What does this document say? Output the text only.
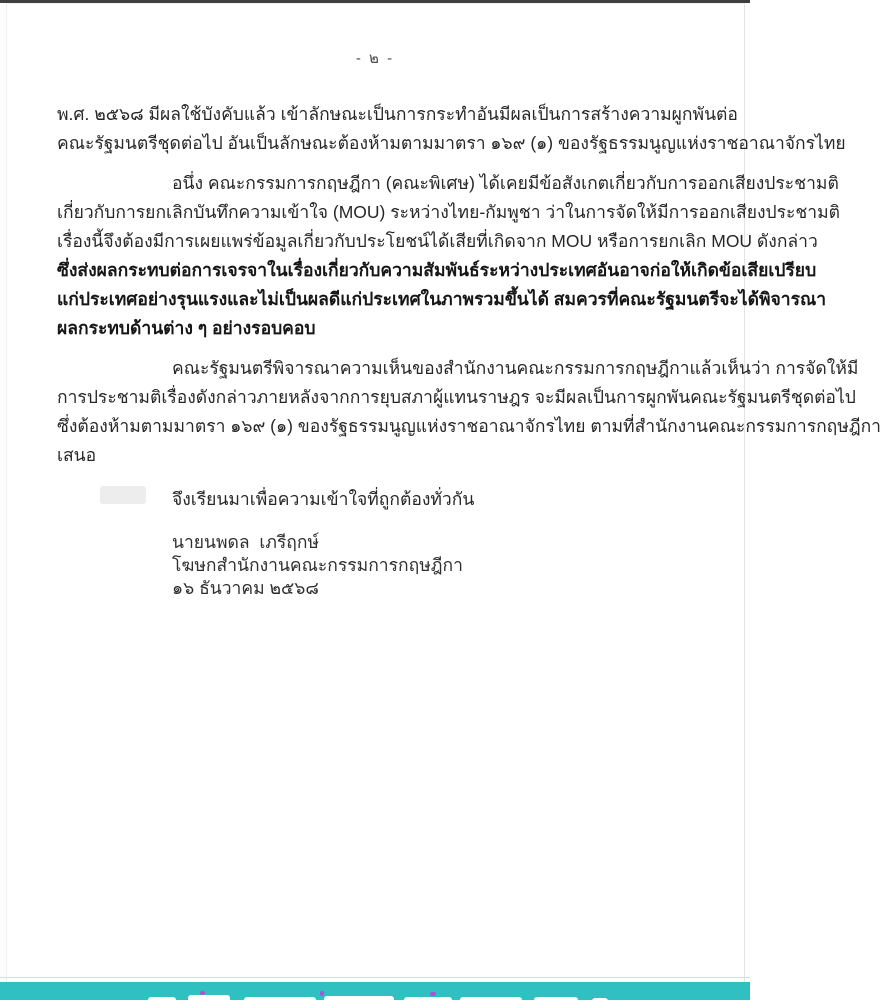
- ๒ -
พ.ศ. ๒๕๖๘ มีผลใช้บังคับแล้ว เข้าลักษณะเป็นการกระทำอันมีผลเป็นการสร้างความผูกพันต่อ
คณะรัฐมนตรีชุดต่อไป อันเป็นลักษณะต้องห้ามตามมาตรา ๑๖๙ (๑) ของรัฐธรรมนูญแห่งราชอาณาจักรไทย
อนึ่ง คณะกรรมการกฤษฎีกา (คณะพิเศษ) ได้เคยมีข้อสังเกตเกี่ยวกับการออกเสียงประชามติ
เกี่ยวกับการยกเลิกบันทึกความเข้าใจ (MOU) ระหว่างไทย-กัมพูชา ว่าในการจัดให้มีการออกเสียงประชามติ
เรื่องนี้จึงต้องมีการเผยแพร่ข้อมูลเกี่ยวกับประโยชน์ได้เสียที่เกิดจาก MOU หรือการยกเลิก MOU ดังกล่าว
ซึ่งส่งผลกระทบต่อการเจรจาในเรื่องเกี่ยวกับความสัมพันธ์ระหว่างประเทศอันอาจก่อให้เกิดข้อเสียเปรียบ
แก่ประเทศอย่างรุนแรงและไม่เป็นผลดีแก่ประเทศในภาพรวมขึ้นได้ สมควรที่คณะรัฐมนตรีจะได้พิจารณา
ผลกระทบด้านต่าง ๆ อย่างรอบคอบ
คณะรัฐมนตรีพิจารณาความเห็นของสำนักงานคณะกรรมการกฤษฎีกาแล้วเห็นว่า การจัดให้มี
การประชามติเรื่องดังกล่าวภายหลังจากการยุบสภาผู้แทนราษฎร จะมีผลเป็นการผูกพันคณะรัฐมนตรีชุดต่อไป
ซึ่งต้องห้ามตามมาตรา ๑๖๙ (๑) ของรัฐธรรมนูญแห่งราชอาณาจักรไทย ตามที่สำนักงานคณะกรรมการกฤษฎีกา
เสนอ
จึงเรียนมาเพื่อความเข้าใจที่ถูกต้องทั่วกัน
นายนพดล  เภรีฤกษ์
โฆษกสำนักงานคณะกรรมการกฤษฎีกา
๑๖ ธันวาคม ๒๕๖๘
